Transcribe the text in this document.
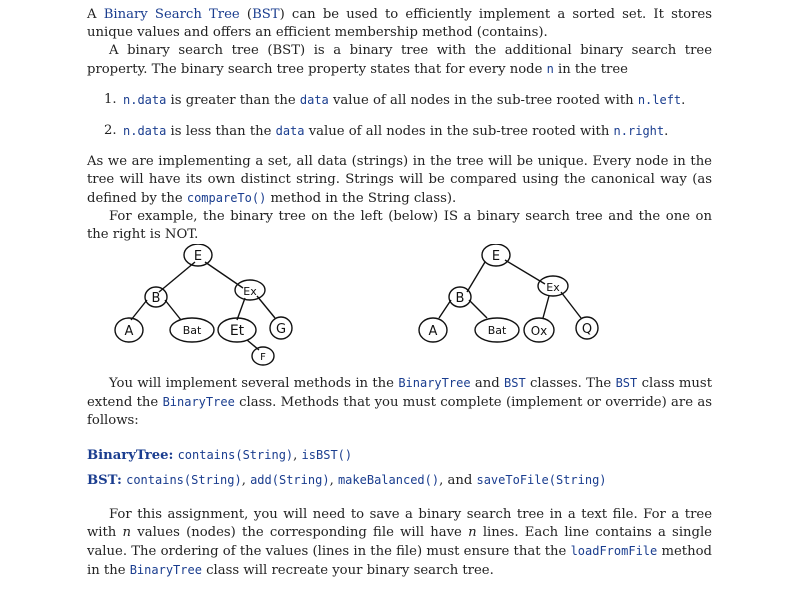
A Binary Search Tree (BST) can be used to efficiently implement a sorted set. It stores unique values and offers an efficient membership method (contains).

A binary search tree (BST) is a binary tree with the additional binary search tree property. The binary search tree property states that for every node n in the tree

1. n.data is greater than the data value of all nodes in the sub-tree rooted with n.left.
2. n.data is less than the data value of all nodes in the sub-tree rooted with n.right.

As we are implementing a set, all data (strings) in the tree will be unique. Every node in the tree will have its own distinct string. Strings will be compared using the canonical way (as defined by the compareTo() method in the String class).

For example, the binary tree on the left (below) IS a binary search tree and the one on the right is NOT.

E
B	Ex
A	Bat Et G
F
E
B
Ex
A	Bat Ox	Q

You will implement several methods in the BinaryTree and BST classes. The BST class must extend the BinaryTree class. Methods that you must complete (implement or override) are as follows:

BinaryTree: contains(String), isBST()

BST: contains(String), add(String), makeBalanced(), and saveToFile(String)

For this assignment, you will need to save a binary search tree in a text file. For a tree with n values (nodes) the corresponding file will have n lines. Each line contains a single value. The ordering of the values (lines in the file) must ensure that the loadFromFile method in the BinaryTree class will recreate your binary search tree.
